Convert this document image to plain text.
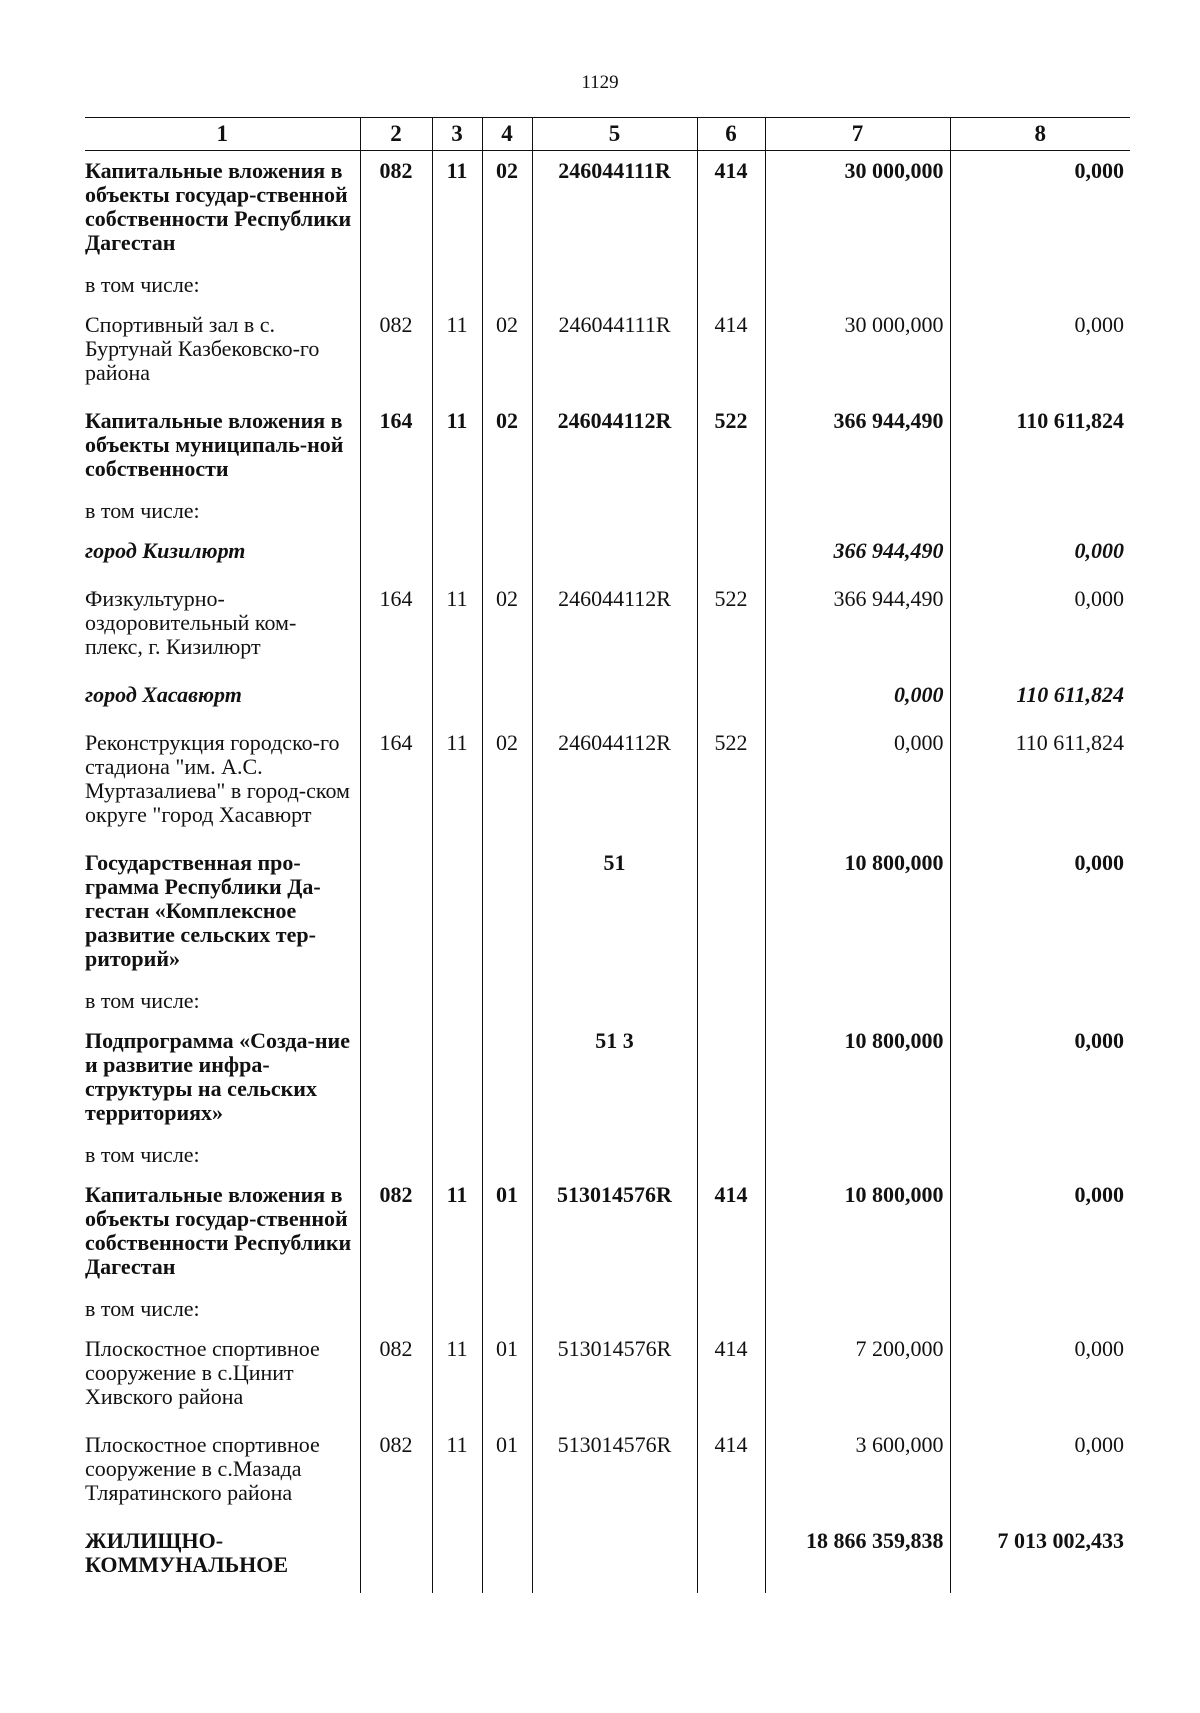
1129
1	2	3	4	5	6	7	8
Капитальные вложения в объекты государ-ственной собственности Республики Дагестан	082	11	02	246044111R	414	30 000,000	0,000
в том числе:							
Спортивный зал в с. Буртунай Казбековско-го района	082	11	02	246044111R	414	30 000,000	0,000
Капитальные вложения в объекты муниципаль-ной собственности	164	11	02	246044112R	522	366 944,490	110 611,824
в том числе:							
город Кизилюрт						366 944,490	0,000
Физкультурно-оздоровительный ком-плекс, г. Кизилюрт	164	11	02	246044112R	522	366 944,490	0,000
город Хасавюрт						0,000	110 611,824
Реконструкция городско-го стадиона "им. А.С. Муртазалиева" в город-ском округе "город Хасавюрт	164	11	02	246044112R	522	0,000	110 611,824
Государственная про-грамма Республики Да-гестан «Комплексное развитие сельских тер-риторий»				51		10 800,000	0,000
в том числе:							
Подпрограмма «Созда-ние и развитие инфра-структуры на сельских территориях»				51 3		10 800,000	0,000
в том числе:							
Капитальные вложения в объекты государ-ственной собственности Республики Дагестан	082	11	01	513014576R	414	10 800,000	0,000
в том числе:							
Плоскостное спортивное сооружение в с.Цинит Хивского района	082	11	01	513014576R	414	7 200,000	0,000
Плоскостное спортивное сооружение в с.Мазада Тляратинского района	082	11	01	513014576R	414	3 600,000	0,000
ЖИЛИЩНО-КОММУНАЛЬНОЕ						18 866 359,838	7 013 002,433
